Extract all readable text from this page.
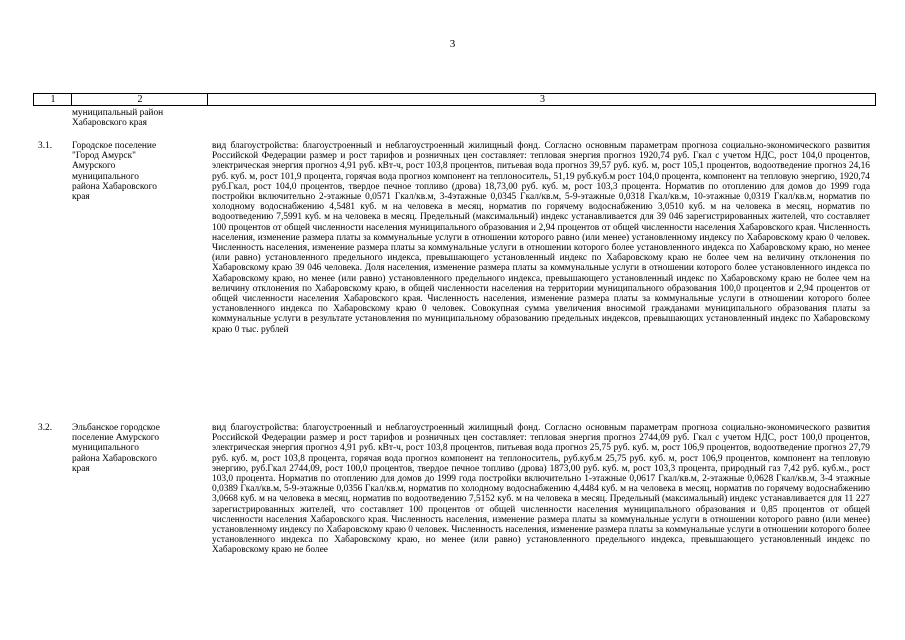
3
1	2	3
муниципальный район
Хабаровского края
3.1. Городское поселение
"Город Амурск"
Амурского
муниципального
района Хабаровского
края

вид благоустройства: благоустроенный и неблагоустроенный жилищный фонд. Согласно основным параметрам прогноза социально-экономического развития Российской Федерации размер и рост тарифов и розничных цен составляет: тепловая энергия прогноз 1920,74 руб. Гкал с учетом НДС, рост 104,0 процентов, электрическая энергия прогноз 4,91 руб. кВт-ч, рост 103,8 процентов, питьевая вода прогноз 39,57 руб. куб. м, рост 105,1 процентов, водоотведение прогноз 24,16 руб. куб. м, рост 101,9 процента, горячая вода прогноз компонент на теплоноситель, 51,19 руб.куб.м рост 104,0 процента, компонент на тепловую энергию, 1920,74 руб.Гкал, рост 104,0 процентов, твердое печное топливо (дрова) 18,73,00 руб. куб. м, рост 103,3 процента. Норматив по отоплению для домов до 1999 года постройки включительно 2-этажные 0,0571 Гкал/кв.м, 3-4этажные 0,0345 Гкал/кв.м, 5-9-этажные 0,0318 Гкал/кв.м, 10-этажные 0,0319 Гкал/кв.м, норматив по холодному водоснабжению 4,5481 куб. м на человека в месяц, норматив по горячему водоснабжению 3,0510 куб. м на человека в месяц, норматив по водоотведению 7,5991 куб. м на человека в месяц. Предельный (максимальный) индекс устанавливается для 39 046 зарегистрированных жителей, что составляет 100 процентов от общей численности населения муниципального образования и 2,94 процентов от общей численности населения Хабаровского края. Численность населения, изменение размера платы за коммунальные услуги в отношении которого равно (или менее) установленному индексу по Хабаровскому краю 0 человек. Численность населения, изменение размера платы за коммунальные услуги в отношении которого более установленного индекса по Хабаровскому краю, но менее (или равно) установленного предельного индекса, превышающего установленный индекс по Хабаровскому краю не более чем на величину отклонения по Хабаровскому краю 39 046 человека. Доля населения, изменение размера платы за коммунальные услуги в отношении которого более установленного индекса по Хабаровскому краю, но менее (или равно) установленного предельного индекса, превышающего установленный индекс по Хабаровскому краю не более чем на величину отклонения по Хабаровскому краю, в общей численности населения на территории муниципального образования 100,0 процентов и 2,94 процентов от общей численности населения Хабаровского края. Численность населения, изменение размера платы за коммунальные услуги в отношении которого более установленного индекса по Хабаровскому краю 0 человек. Совокупная сумма увеличения вносимой гражданами муниципального образования платы за коммунальные услуги в результате установления по муниципальному образованию предельных индексов, превышающих установленный индекс по Хабаровскому краю 0 тыс. рублей

3.2. Эльбанское городское
поселение Амурского
муниципального
района Хабаровского
края

вид благоустройства: благоустроенный и неблагоустроенный жилищный фонд. Согласно основным параметрам прогноза социально-экономического развития Российской Федерации размер и рост тарифов и розничных цен составляет: тепловая энергия прогноз 2744,09 руб. Гкал с учетом НДС, рост 100,0 процентов, электрическая энергия прогноз 4,91 руб. кВт-ч, рост 103,8 процентов, питьевая вода прогноз 25,75 руб. куб. м, рост 106,9 процентов, водоотведение прогноз 27,79 руб. куб. м, рост 103,8 процента, горячая вода прогноз компонент на теплоноситель, руб.куб.м 25,75 руб. куб. м, рост 106,9 процентов, компонент на тепловую энергию, руб.Гкал 2744,09, рост 100,0 процентов, твердое печное топливо (дрова) 1873,00 руб. куб. м, рост 103,3 процента, природный газ 7,42 руб. куб.м., рост 103,0 процента. Норматив по отоплению для домов до 1999 года постройки включительно 1-этажные 0,0617 Гкал/кв.м, 2-этажные 0,0628 Гкал/кв.м, 3-4 этажные 0,0389 Гкал/кв.м, 5-9-этажные 0,0356 Гкал/кв.м, норматив по холодному водоснабжению 4,4484 куб. м на человека в месяц, норматив по горячему водоснабжению 3,0668 куб. м на человека в месяц, норматив по водоотведению 7,5152 куб. м на человека в месяц. Предельный (максимальный) индекс устанавливается для 11 227 зарегистрированных жителей, что составляет 100 процентов от общей численности населения муниципального образования и 0,85 процентов от общей численности населения Хабаровского края. Численность населения, изменение размера платы за коммунальные услуги в отношении которого равно (или менее) установленному индексу по Хабаровскому краю 0 человек. Численность населения, изменение размера платы за коммунальные услуги в отношении которого более установленного индекса по Хабаровскому краю, но менее (или равно) установленного предельного индекса, превышающего установленный индекс по Хабаровскому краю не более
